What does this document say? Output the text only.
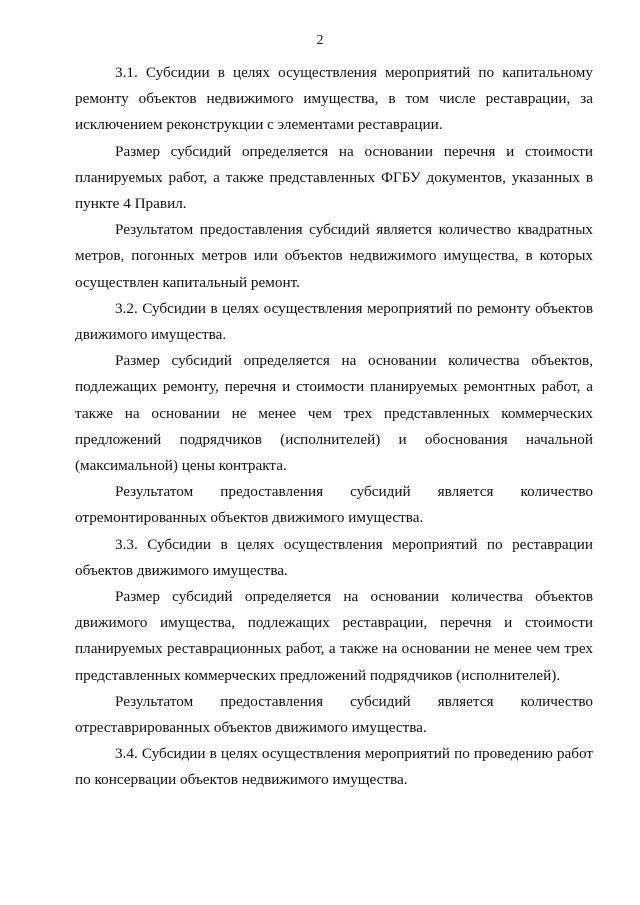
2

3.1. Субсидии в целях осуществления мероприятий по капитальному ремонту объектов недвижимого имущества, в том числе реставрации, за исключением реконструкции с элементами реставрации.

Размер субсидий определяется на основании перечня и стоимости планируемых работ, а также представленных ФГБУ документов, указанных в пункте 4 Правил.

Результатом предоставления субсидий является количество квадратных метров, погонных метров или объектов недвижимого имущества, в которых осуществлен капитальный ремонт.

3.2. Субсидии в целях осуществления мероприятий по ремонту объектов движимого имущества.

Размер субсидий определяется на основании количества объектов, подлежащих ремонту, перечня и стоимости планируемых ремонтных работ, а также на основании не менее чем трех представленных коммерческих предложений подрядчиков (исполнителей) и обоснования начальной (максимальной) цены контракта.

Результатом предоставления субсидий является количество отремонтированных объектов движимого имущества.

3.3. Субсидии в целях осуществления мероприятий по реставрации объектов движимого имущества.

Размер субсидий определяется на основании количества объектов движимого имущества, подлежащих реставрации, перечня и стоимости планируемых реставрационных работ, а также на основании не менее чем трех представленных коммерческих предложений подрядчиков (исполнителей).

Результатом предоставления субсидий является количество отреставрированных объектов движимого имущества.

3.4. Субсидии в целях осуществления мероприятий по проведению работ по консервации объектов недвижимого имущества.
